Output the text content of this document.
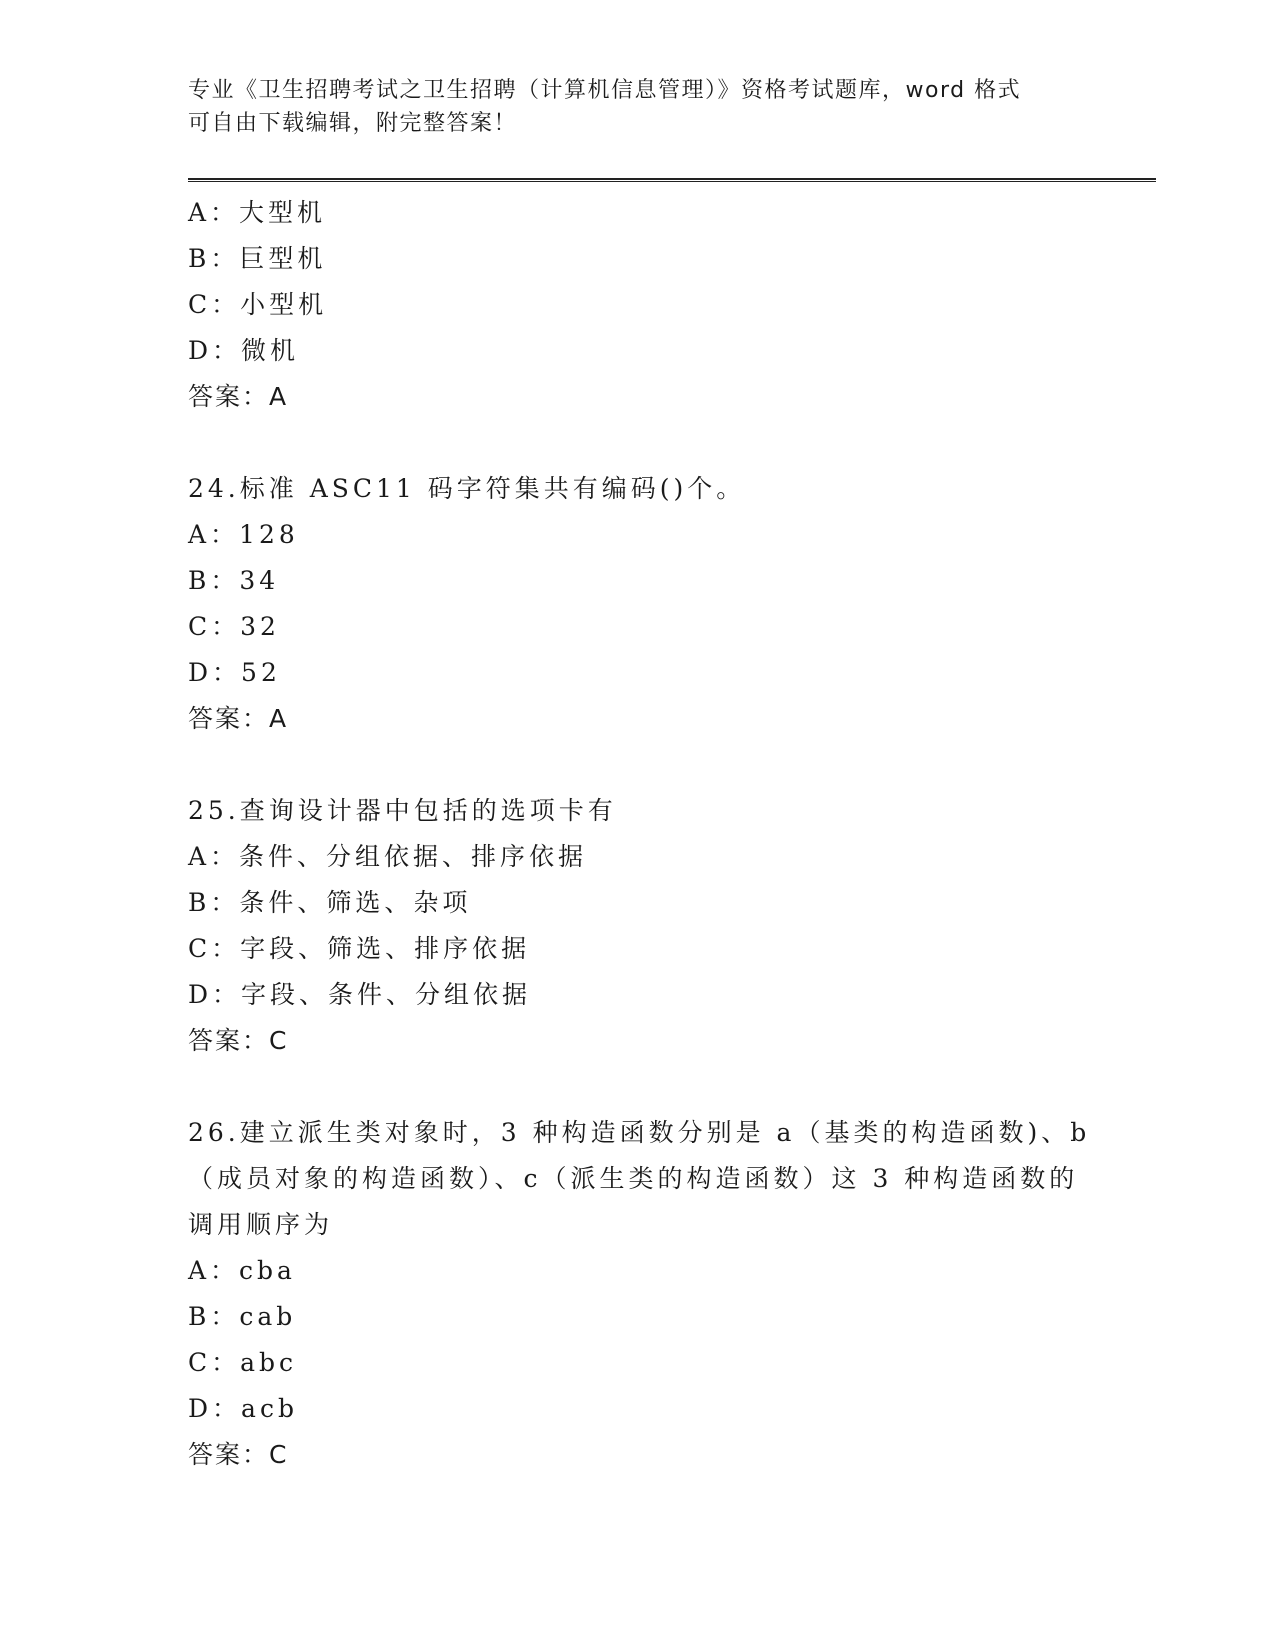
专业《卫生招聘考试之卫生招聘（计算机信息管理）》资格考试题库，word 格式
可自由下载编辑，附完整答案！
A：大型机
B：巨型机
C：小型机
D：微机
答案：A
24.标准 ASC11 码字符集共有编码()个。
A：128
B：34
C：32
D：52
答案：A
25.查询设计器中包括的选项卡有
A：条件、分组依据、排序依据
B：条件、筛选、杂项
C：字段、筛选、排序依据
D：字段、条件、分组依据
答案：C
26.建立派生类对象时，3 种构造函数分别是 a（基类的构造函数)、b
（成员对象的构造函数）、c（派生类的构造函数）这 3 种构造函数的
调用顺序为
A：cba
B：cab
C：abc
D：acb
答案：C
